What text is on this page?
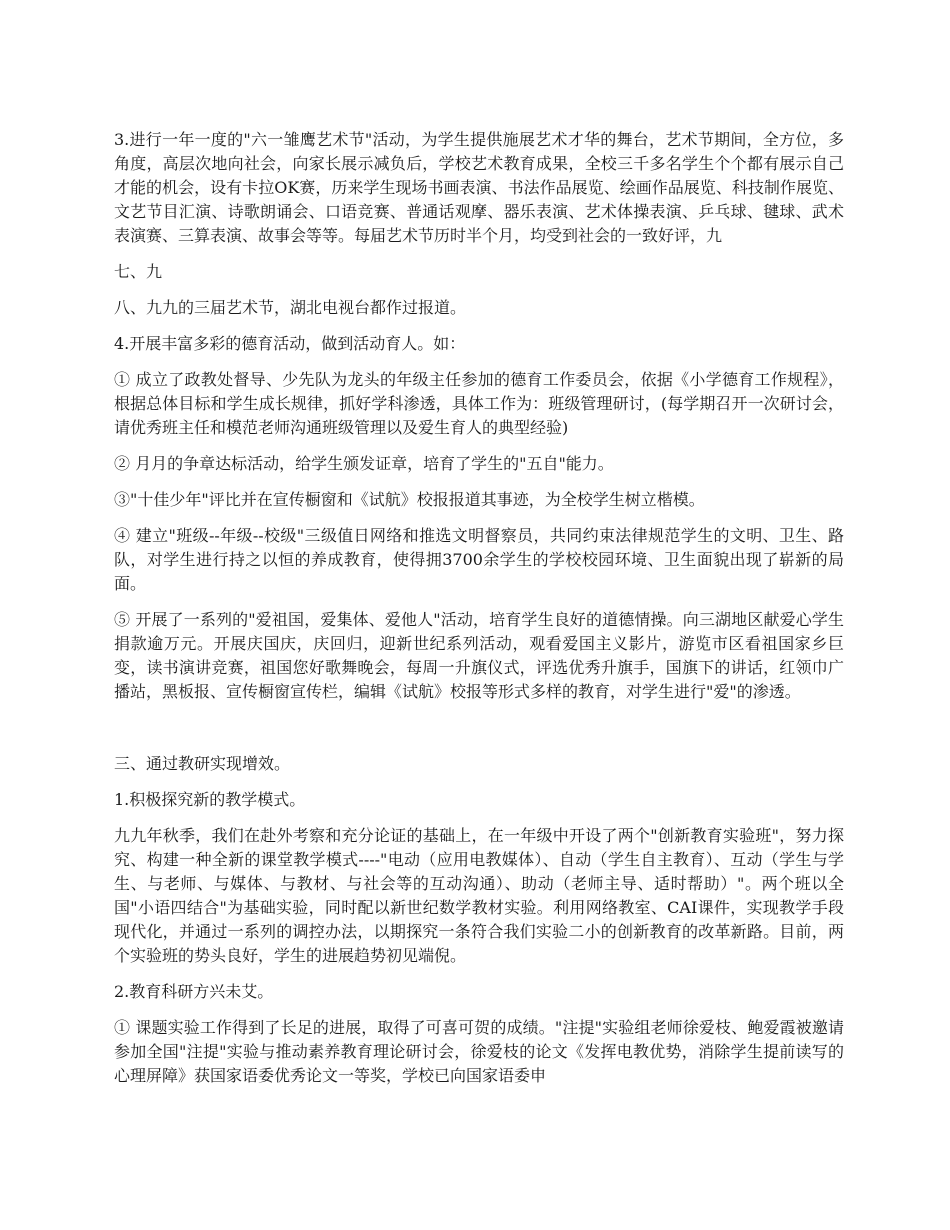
3.进行一年一度的"六一雏鹰艺术节"活动，为学生提供施展艺术才华的舞台，艺术节期间，全方位，多角度，高层次地向社会，向家长展示减负后，学校艺术教育成果，全校三千多名学生个个都有展示自己才能的机会，设有卡拉OK赛，历来学生现场书画表演、书法作品展览、绘画作品展览、科技制作展览、文艺节目汇演、诗歌朗诵会、口语竞赛、普通话观摩、器乐表演、艺术体操表演、乒乓球、毽球、武术表演赛、三算表演、故事会等等。每届艺术节历时半个月，均受到社会的一致好评，九

七、九

八、九九的三届艺术节，湖北电视台都作过报道。

4.开展丰富多彩的德育活动，做到活动育人。如：

① 成立了政教处督导、少先队为龙头的年级主任参加的德育工作委员会，依据《小学德育工作规程》，根据总体目标和学生成长规律，抓好学科渗透，具体工作为：班级管理研讨，(每学期召开一次研讨会，请优秀班主任和模范老师沟通班级管理以及爱生育人的典型经验)

② 月月的争章达标活动，给学生颁发证章，培育了学生的"五自"能力。

③"十佳少年"评比并在宣传橱窗和《试航》校报报道其事迹，为全校学生树立楷模。

④ 建立"班级--年级--校级"三级值日网络和推选文明督察员，共同约束法律规范学生的文明、卫生、路队，对学生进行持之以恒的养成教育，使得拥3700余学生的学校校园环境、卫生面貌出现了崭新的局面。

⑤ 开展了一系列的"爱祖国，爱集体、爱他人"活动，培育学生良好的道德情操。向三湖地区献爱心学生捐款逾万元。开展庆国庆，庆回归，迎新世纪系列活动，观看爱国主义影片，游览市区看祖国家乡巨变，读书演讲竞赛，祖国您好歌舞晚会，每周一升旗仪式，评选优秀升旗手，国旗下的讲话，红领巾广播站，黑板报、宣传橱窗宣传栏，编辑《试航》校报等形式多样的教育，对学生进行"爱"的渗透。

三、通过教研实现增效。

1.积极探究新的教学模式。

九九年秋季，我们在赴外考察和充分论证的基础上，在一年级中开设了两个"创新教育实验班"，努力探究、构建一种全新的课堂教学模式----"电动（应用电教媒体）、自动（学生自主教育）、互动（学生与学生、与老师、与媒体、与教材、与社会等的互动沟通）、助动（老师主导、适时帮助）"。两个班以全国"小语四结合"为基础实验，同时配以新世纪数学教材实验。利用网络教室、CAI课件，实现教学手段现代化，并通过一系列的调控办法，以期探究一条符合我们实验二小的创新教育的改革新路。目前，两个实验班的势头良好，学生的进展趋势初见端倪。

2.教育科研方兴未艾。

① 课题实验工作得到了长足的进展，取得了可喜可贺的成绩。"注提"实验组老师徐爱枝、鲍爱霞被邀请参加全国"注提"实验与推动素养教育理论研讨会，徐爱枝的论文《发挥电教优势，消除学生提前读写的心理屏障》获国家语委优秀论文一等奖，学校已向国家语委申
